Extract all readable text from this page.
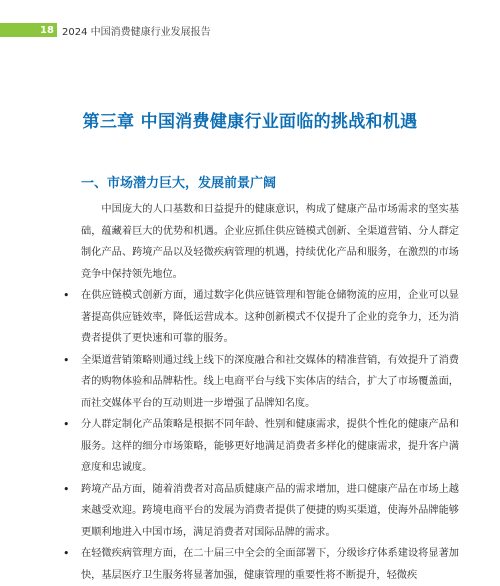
18 2024 中国消费健康行业发展报告
第三章 中国消费健康行业面临的挑战和机遇
一、市场潜力巨大，发展前景广阔

中国庞大的人口基数和日益提升的健康意识，构成了健康产品市场需求的坚实基础，蕴藏着巨大的优势和机遇。企业应抓住供应链模式创新、全渠道营销、分人群定制化产品、跨境产品以及轻微疾病管理的机遇，持续优化产品和服务，在激烈的市场竞争中保持领先地位。

• 在供应链模式创新方面，通过数字化供应链管理和智能仓储物流的应用，企业可以显著提高供应链效率，降低运营成本。这种创新模式不仅提升了企业的竞争力，还为消费者提供了更快速和可靠的服务。
• 全渠道营销策略则通过线上线下的深度融合和社交媒体的精准营销，有效提升了消费者的购物体验和品牌粘性。线上电商平台与线下实体店的结合，扩大了市场覆盖面，而社交媒体平台的互动则进一步增强了品牌知名度。
• 分人群定制化产品策略是根据不同年龄、性别和健康需求，提供个性化的健康产品和服务。这样的细分市场策略，能够更好地满足消费者多样化的健康需求，提升客户满意度和忠诚度。
• 跨境产品方面，随着消费者对高品质健康产品的需求增加，进口健康产品在市场上越来越受欢迎。跨境电商平台的发展为消费者提供了便捷的购买渠道，使海外品牌能够更顺利地进入中国市场，满足消费者对国际品牌的需求。
• 在轻微疾病管理方面，在二十届三中全会的全面部署下，分级诊疗体系建设将显著加快，基层医疗卫生服务将显著加强，健康管理的重要性将不断提升，轻微疾
